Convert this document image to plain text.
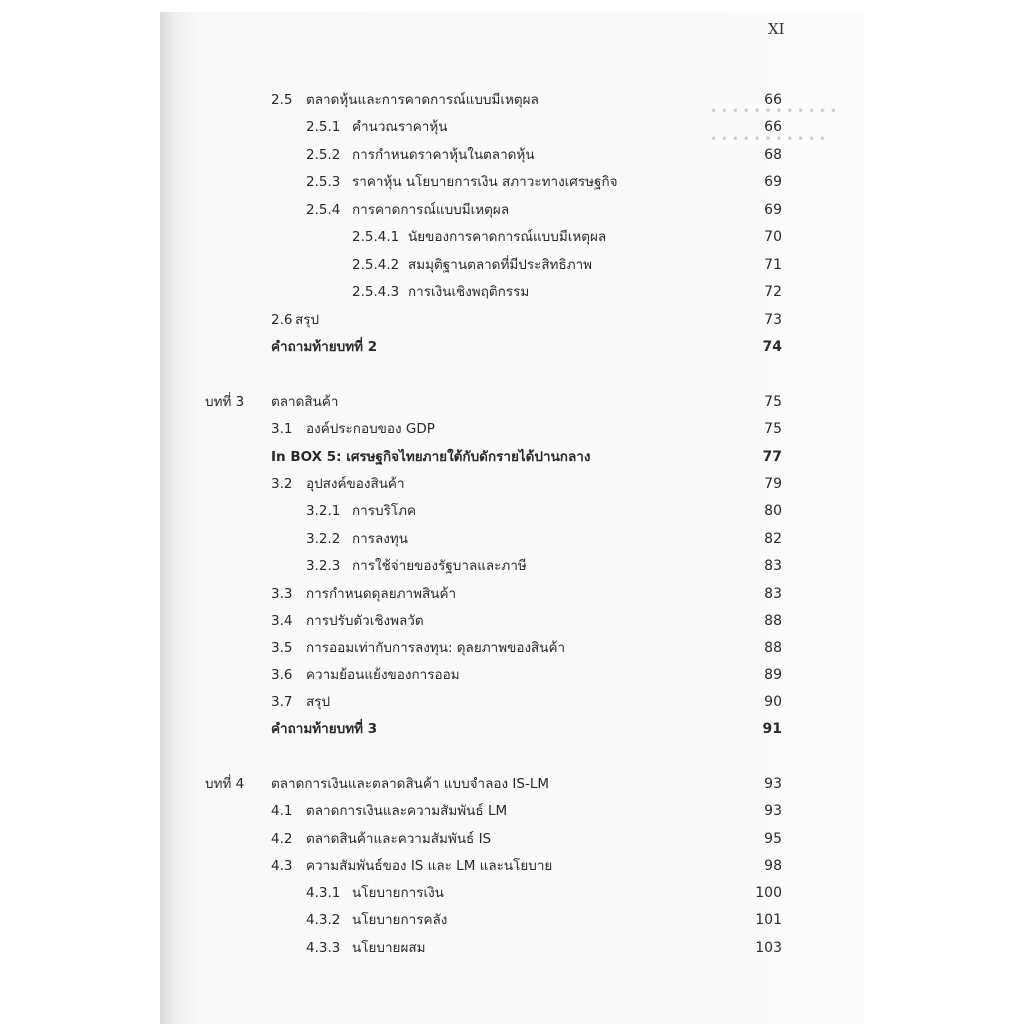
• • • • • • • • • • • •
• • • • • • • • • • •
XI
2.5 ตลาดหุ้นและการคาดการณ์แบบมีเหตุผล	66
2.5.1 คำนวณราคาหุ้น	66
2.5.2 การกำหนดราคาหุ้นในตลาดหุ้น	68
2.5.3 ราคาหุ้น นโยบายการเงิน สภาวะทางเศรษฐกิจ	69
2.5.4 การคาดการณ์แบบมีเหตุผล	69
2.5.4.1 นัยของการคาดการณ์แบบมีเหตุผล	70
2.5.4.2 สมมุติฐานตลาดที่มีประสิทธิภาพ	71
2.5.4.3 การเงินเชิงพฤติกรรม	72
2.6 สรุป	73
คำถามท้ายบทที่ 2	74
บทที่ 3 ตลาดสินค้า	75
3.1 องค์ประกอบของ GDP	75
In BOX 5: เศรษฐกิจไทยภายใต้กับดักรายได้ปานกลาง	77
3.2 อุปสงค์ของสินค้า	79
3.2.1 การบริโภค	80
3.2.2 การลงทุน	82
3.2.3 การใช้จ่ายของรัฐบาลและภาษี	83
3.3 การกำหนดดุลยภาพสินค้า	83
3.4 การปรับตัวเชิงพลวัต	88
3.5 การออมเท่ากับการลงทุน: ดุลยภาพของสินค้า	88
3.6 ความย้อนแย้งของการออม	89
3.7 สรุป	90
คำถามท้ายบทที่ 3	91
บทที่ 4 ตลาดการเงินและตลาดสินค้า แบบจำลอง IS-LM	93
4.1 ตลาดการเงินและความสัมพันธ์ LM	93
4.2 ตลาดสินค้าและความสัมพันธ์ IS	95
4.3 ความสัมพันธ์ของ IS และ LM และนโยบาย	98
4.3.1 นโยบายการเงิน	100
4.3.2 นโยบายการคลัง	101
4.3.3 นโยบายผสม	103
